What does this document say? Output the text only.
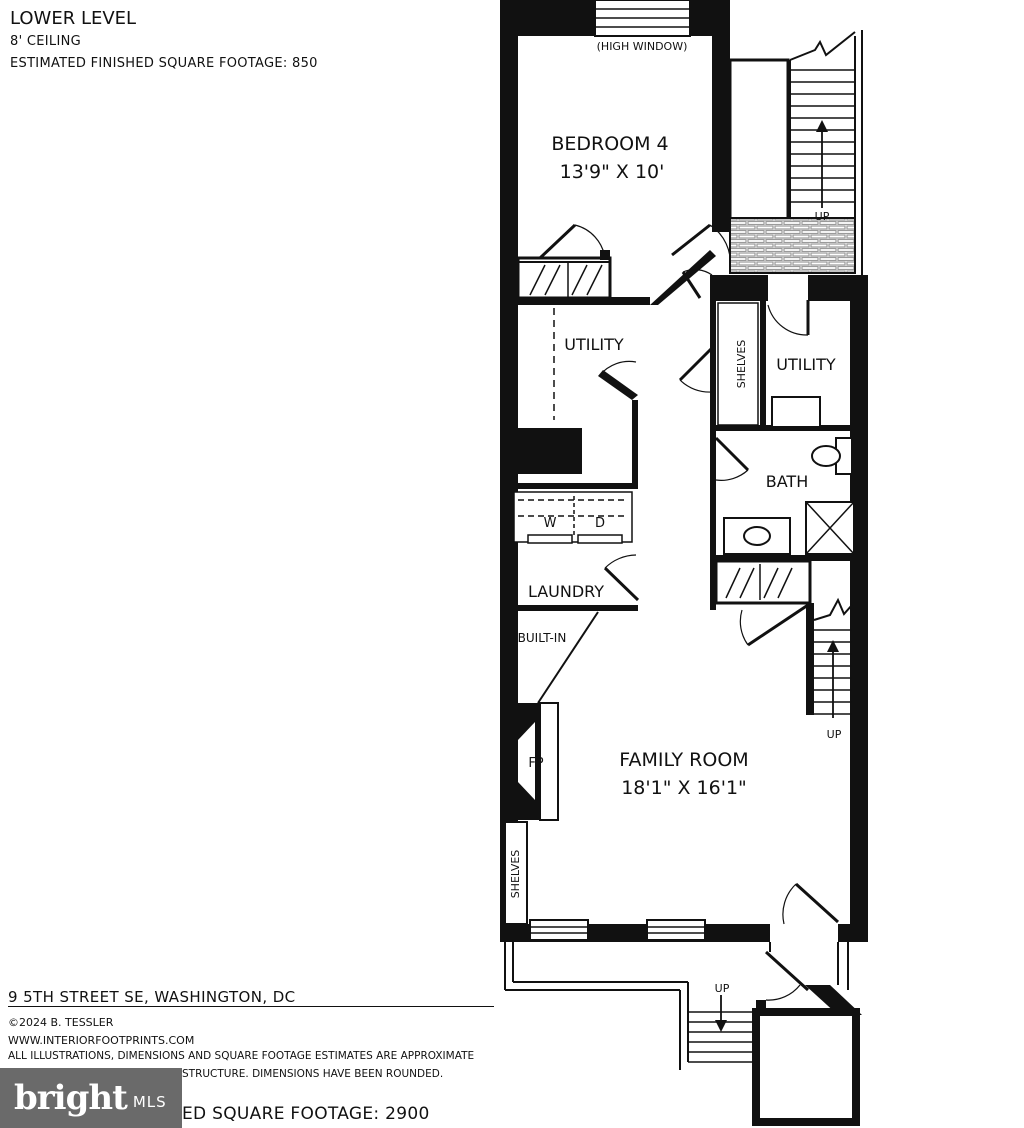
LOWER LEVEL
8' CEILING
ESTIMATED FINISHED SQUARE FOOTAGE: 850
(HIGH WINDOW)
BEDROOM 4
13'9" X 10'
UTILITY
UTILITY
SHELVES
BATH
W	D
LAUNDRY
BUILT-IN
FP	FAMILY ROOM
18'1" X 16'1"
SHELVES
UP
UP
UP
9 5TH STREET SE, WASHINGTON, DC
©2024 B. TESSLER
WWW.INTERIORFOOTPRINTS.COM
ALL ILLUSTRATIONS, DIMENSIONS AND SQUARE FOOTAGE ESTIMATES ARE APPROXIMATE
STRUCTURE. DIMENSIONS HAVE BEEN ROUNDED.
ED SQUARE FOOTAGE: 2900
bright MLS
